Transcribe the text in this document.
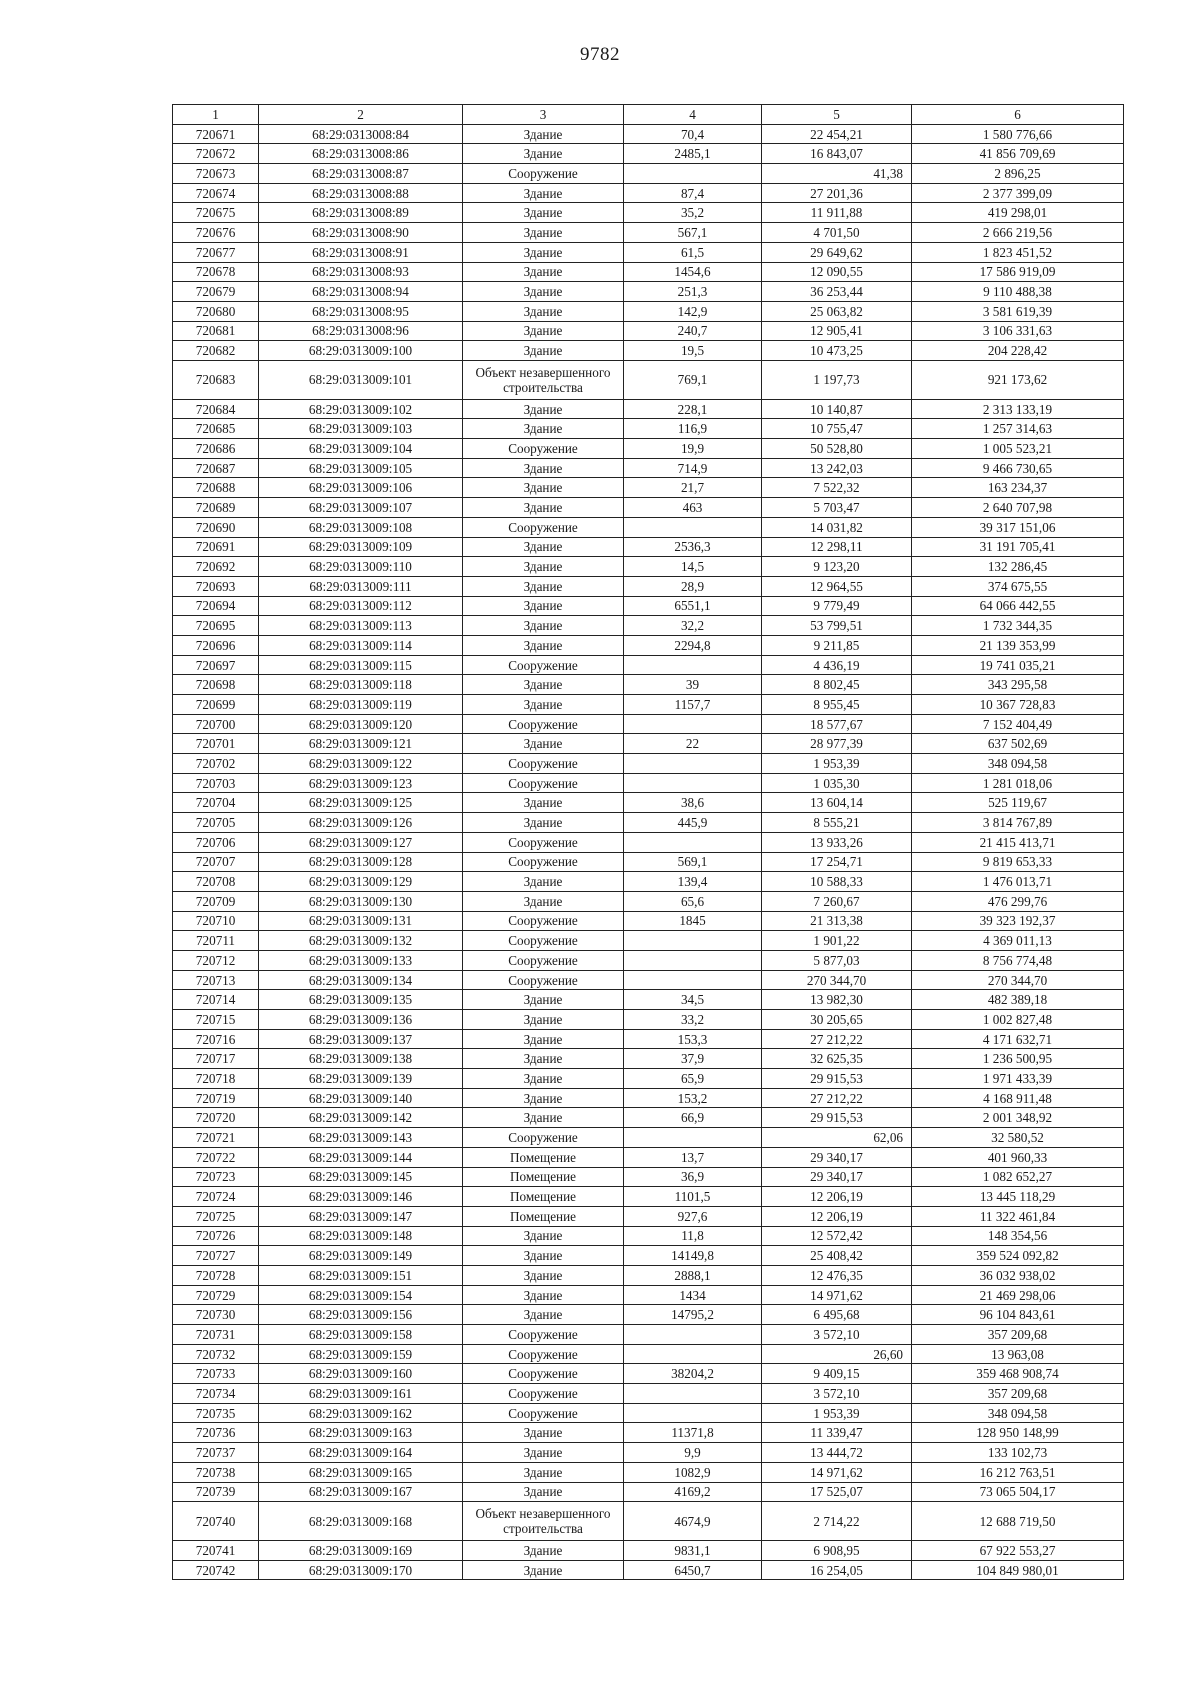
9782
1	2	3	4	5	6
720671	68:29:0313008:84	Здание	70,4	22 454,21	1 580 776,66
720672	68:29:0313008:86	Здание	2485,1	16 843,07	41 856 709,69
720673	68:29:0313008:87	Сооружение		41,38	2 896,25
720674	68:29:0313008:88	Здание	87,4	27 201,36	2 377 399,09
720675	68:29:0313008:89	Здание	35,2	11 911,88	419 298,01
720676	68:29:0313008:90	Здание	567,1	4 701,50	2 666 219,56
720677	68:29:0313008:91	Здание	61,5	29 649,62	1 823 451,52
720678	68:29:0313008:93	Здание	1454,6	12 090,55	17 586 919,09
720679	68:29:0313008:94	Здание	251,3	36 253,44	9 110 488,38
720680	68:29:0313008:95	Здание	142,9	25 063,82	3 581 619,39
720681	68:29:0313008:96	Здание	240,7	12 905,41	3 106 331,63
720682	68:29:0313009:100	Здание	19,5	10 473,25	204 228,42
720683	68:29:0313009:101	Объект незавершенного строительства	769,1	1 197,73	921 173,62
720684	68:29:0313009:102	Здание	228,1	10 140,87	2 313 133,19
720685	68:29:0313009:103	Здание	116,9	10 755,47	1 257 314,63
720686	68:29:0313009:104	Сооружение	19,9	50 528,80	1 005 523,21
720687	68:29:0313009:105	Здание	714,9	13 242,03	9 466 730,65
720688	68:29:0313009:106	Здание	21,7	7 522,32	163 234,37
720689	68:29:0313009:107	Здание	463	5 703,47	2 640 707,98
720690	68:29:0313009:108	Сооружение		14 031,82	39 317 151,06
720691	68:29:0313009:109	Здание	2536,3	12 298,11	31 191 705,41
720692	68:29:0313009:110	Здание	14,5	9 123,20	132 286,45
720693	68:29:0313009:111	Здание	28,9	12 964,55	374 675,55
720694	68:29:0313009:112	Здание	6551,1	9 779,49	64 066 442,55
720695	68:29:0313009:113	Здание	32,2	53 799,51	1 732 344,35
720696	68:29:0313009:114	Здание	2294,8	9 211,85	21 139 353,99
720697	68:29:0313009:115	Сооружение		4 436,19	19 741 035,21
720698	68:29:0313009:118	Здание	39	8 802,45	343 295,58
720699	68:29:0313009:119	Здание	1157,7	8 955,45	10 367 728,83
720700	68:29:0313009:120	Сооружение		18 577,67	7 152 404,49
720701	68:29:0313009:121	Здание	22	28 977,39	637 502,69
720702	68:29:0313009:122	Сооружение		1 953,39	348 094,58
720703	68:29:0313009:123	Сооружение		1 035,30	1 281 018,06
720704	68:29:0313009:125	Здание	38,6	13 604,14	525 119,67
720705	68:29:0313009:126	Здание	445,9	8 555,21	3 814 767,89
720706	68:29:0313009:127	Сооружение		13 933,26	21 415 413,71
720707	68:29:0313009:128	Сооружение	569,1	17 254,71	9 819 653,33
720708	68:29:0313009:129	Здание	139,4	10 588,33	1 476 013,71
720709	68:29:0313009:130	Здание	65,6	7 260,67	476 299,76
720710	68:29:0313009:131	Сооружение	1845	21 313,38	39 323 192,37
720711	68:29:0313009:132	Сооружение		1 901,22	4 369 011,13
720712	68:29:0313009:133	Сооружение		5 877,03	8 756 774,48
720713	68:29:0313009:134	Сооружение		270 344,70	270 344,70
720714	68:29:0313009:135	Здание	34,5	13 982,30	482 389,18
720715	68:29:0313009:136	Здание	33,2	30 205,65	1 002 827,48
720716	68:29:0313009:137	Здание	153,3	27 212,22	4 171 632,71
720717	68:29:0313009:138	Здание	37,9	32 625,35	1 236 500,95
720718	68:29:0313009:139	Здание	65,9	29 915,53	1 971 433,39
720719	68:29:0313009:140	Здание	153,2	27 212,22	4 168 911,48
720720	68:29:0313009:142	Здание	66,9	29 915,53	2 001 348,92
720721	68:29:0313009:143	Сооружение		62,06	32 580,52
720722	68:29:0313009:144	Помещение	13,7	29 340,17	401 960,33
720723	68:29:0313009:145	Помещение	36,9	29 340,17	1 082 652,27
720724	68:29:0313009:146	Помещение	1101,5	12 206,19	13 445 118,29
720725	68:29:0313009:147	Помещение	927,6	12 206,19	11 322 461,84
720726	68:29:0313009:148	Здание	11,8	12 572,42	148 354,56
720727	68:29:0313009:149	Здание	14149,8	25 408,42	359 524 092,82
720728	68:29:0313009:151	Здание	2888,1	12 476,35	36 032 938,02
720729	68:29:0313009:154	Здание	1434	14 971,62	21 469 298,06
720730	68:29:0313009:156	Здание	14795,2	6 495,68	96 104 843,61
720731	68:29:0313009:158	Сооружение		3 572,10	357 209,68
720732	68:29:0313009:159	Сооружение		26,60	13 963,08
720733	68:29:0313009:160	Сооружение	38204,2	9 409,15	359 468 908,74
720734	68:29:0313009:161	Сооружение		3 572,10	357 209,68
720735	68:29:0313009:162	Сооружение		1 953,39	348 094,58
720736	68:29:0313009:163	Здание	11371,8	11 339,47	128 950 148,99
720737	68:29:0313009:164	Здание	9,9	13 444,72	133 102,73
720738	68:29:0313009:165	Здание	1082,9	14 971,62	16 212 763,51
720739	68:29:0313009:167	Здание	4169,2	17 525,07	73 065 504,17
720740	68:29:0313009:168	Объект незавершенного строительства	4674,9	2 714,22	12 688 719,50
720741	68:29:0313009:169	Здание	9831,1	6 908,95	67 922 553,27
720742	68:29:0313009:170	Здание	6450,7	16 254,05	104 849 980,01
